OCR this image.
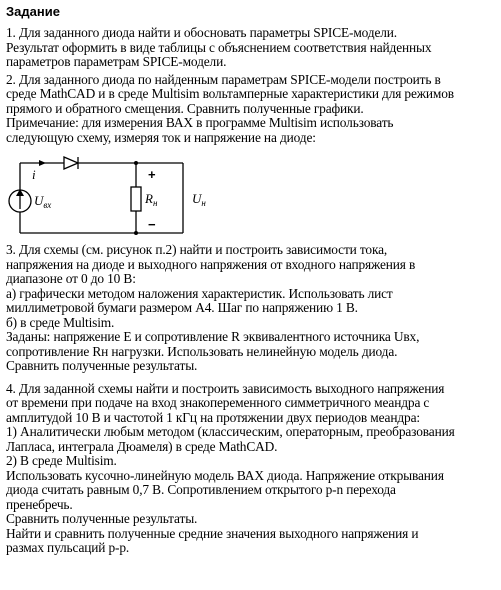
Задание
1. Для заданного диода найти и обосновать параметры SPICE-модели.
Результат оформить в виде таблицы с объяснением соответствия найденных
параметров параметрам SPICE-модели.
2. Для заданного диода по найденным параметрам SPICE-модели построить в
среде MathCAD и в среде Multisim вольтамперные характеристики для режимов
прямого и обратного смещения. Сравнить полученные графики.
Примечание: для измерения ВАХ в программе Multisim использовать
следующую схему, измеряя ток и напряжение на диоде:
i
$U_{вх}$	$R_н$	$U_н$
+
−
3. Для схемы (см. рисунок п.2) найти и построить зависимости тока,
напряжения на диоде и выходного напряжения от входного напряжения в
диапазоне от 0 до 10 В:
а) графически методом наложения характеристик. Использовать лист
миллиметровой бумаги размером А4. Шаг по напряжению 1 В.
б) в среде Multisim.
Заданы: напряжение E и сопротивление R эквивалентного источника Uвх,
сопротивление Rн нагрузки. Использовать нелинейную модель диода.
Сравнить полученные результаты.
4. Для заданной схемы найти и построить зависимость выходного напряжения
от времени при подаче на вход знакопеременного симметричного меандра с
амплитудой 10 В и частотой 1 кГц на протяжении двух периодов меандра:
1) Аналитически любым методом (классическим, операторным, преобразования
Лапласа, интеграла Дюамеля) в среде MathCAD.
2) В среде Multisim.
Использовать кусочно-линейную модель ВАХ диода. Напряжение открывания
диода считать равным 0,7 В. Сопротивлением открытого p-n перехода
пренебречь.
Сравнить полученные результаты.
Найти и сравнить полученные средние значения выходного напряжения и
размах пульсаций p-p.
